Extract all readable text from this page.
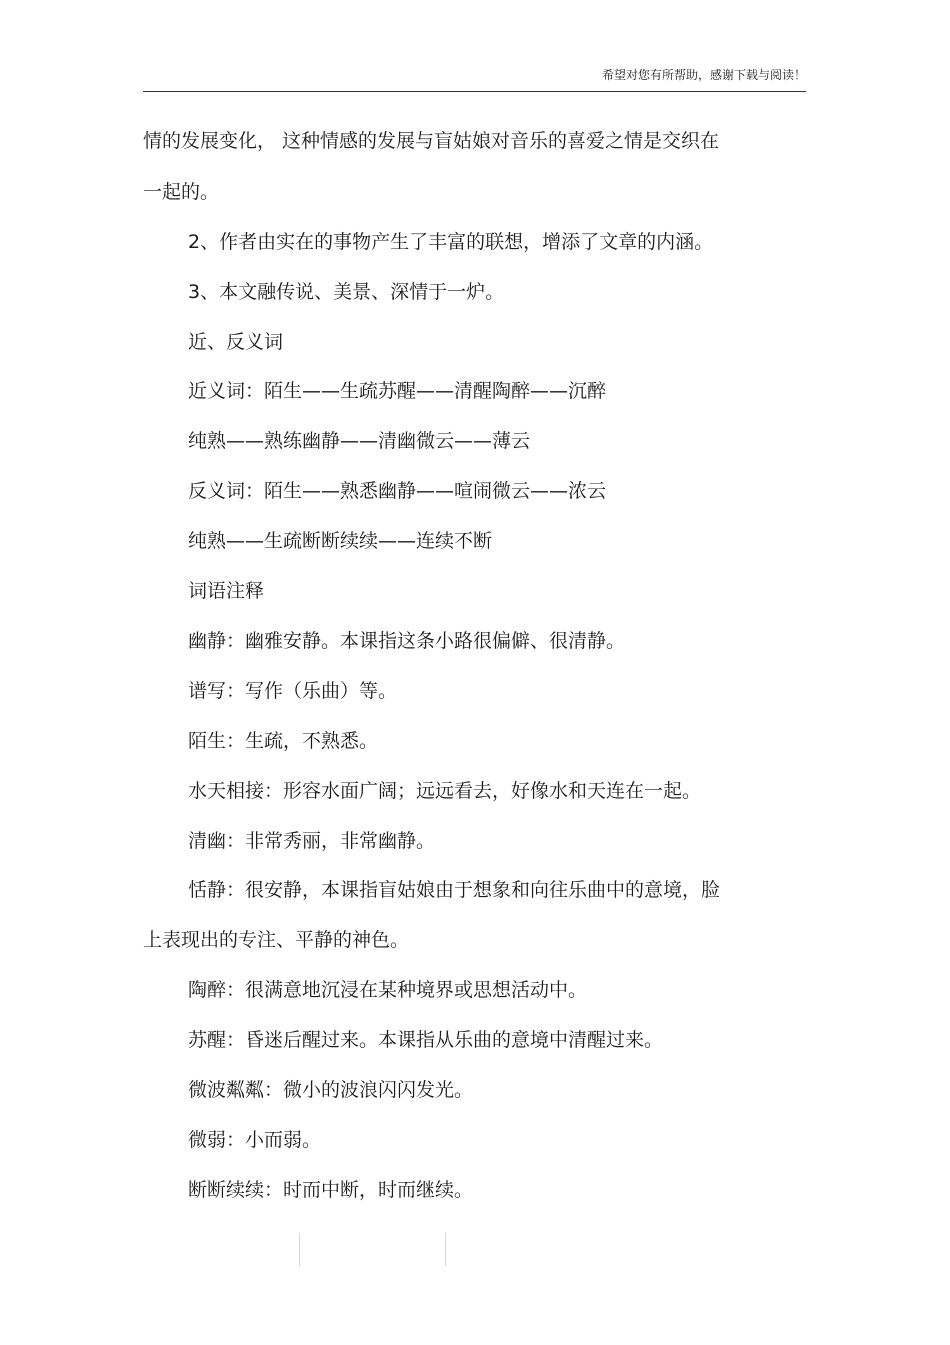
希望对您有所帮助，感谢下载与阅读！
情的发展变化， 这种情感的发展与盲姑娘对音乐的喜爱之情是交织在
一起的。
2、作者由实在的事物产生了丰富的联想，增添了文章的内涵。
3、本文融传说、美景、深情于一炉。
近、反义词
近义词：陌生——生疏苏醒——清醒陶醉——沉醉
纯熟——熟练幽静——清幽微云——薄云
反义词：陌生——熟悉幽静——喧闹微云——浓云
纯熟——生疏断断续续——连续不断
词语注释
幽静：幽雅安静。本课指这条小路很偏僻、很清静。
谱写：写作（乐曲）等。
陌生：生疏，不熟悉。
水天相接：形容水面广阔；远远看去，好像水和天连在一起。
清幽：非常秀丽，非常幽静。
恬静：很安静，本课指盲姑娘由于想象和向往乐曲中的意境，脸
上表现出的专注、平静的神色。
陶醉：很满意地沉浸在某种境界或思想活动中。
苏醒：昏迷后醒过来。本课指从乐曲的意境中清醒过来。
微波粼粼：微小的波浪闪闪发光。
微弱：小而弱。
断断续续：时而中断，时而继续。
